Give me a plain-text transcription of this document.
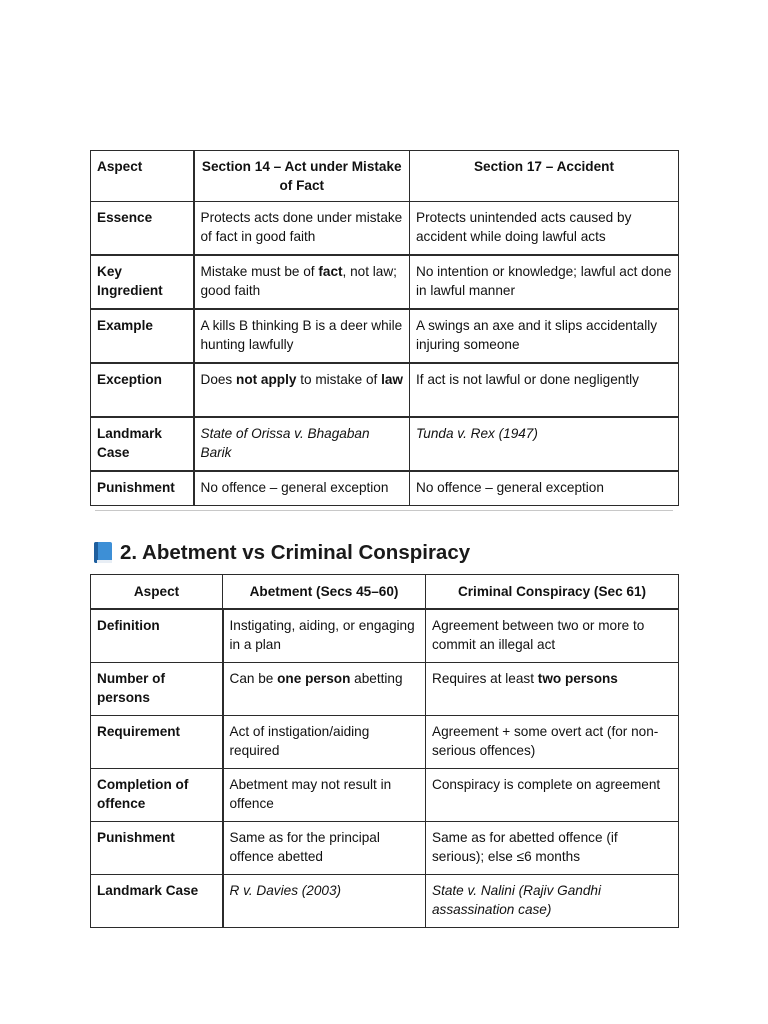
Aspect	Section 14 – Act under Mistake of Fact	Section 17 – Accident
Essence	Protects acts done under mistake of fact in good faith	Protects unintended acts caused by accident while doing lawful acts
Key Ingredient	Mistake must be of fact, not law; good faith	No intention or knowledge; lawful act done in lawful manner
Example	A kills B thinking B is a deer while hunting lawfully	A swings an axe and it slips accidentally injuring someone
Exception	Does not apply to mistake of law	If act is not lawful or done negligently
Landmark Case	State of Orissa v. Bhagaban Barik	Tunda v. Rex (1947)
Punishment	No offence – general exception	No offence – general exception
2. Abetment vs Criminal Conspiracy
Aspect	Abetment (Secs 45–60)	Criminal Conspiracy (Sec 61)
Definition	Instigating, aiding, or engaging in a plan	Agreement between two or more to commit an illegal act
Number of persons	Can be one person abetting	Requires at least two persons
Requirement	Act of instigation/aiding required	Agreement + some overt act (for non-serious offences)
Completion of offence	Abetment may not result in offence	Conspiracy is complete on agreement
Punishment	Same as for the principal offence abetted	Same as for abetted offence (if serious); else ≤6 months
Landmark Case	R v. Davies (2003)	State v. Nalini (Rajiv Gandhi assassination case)
